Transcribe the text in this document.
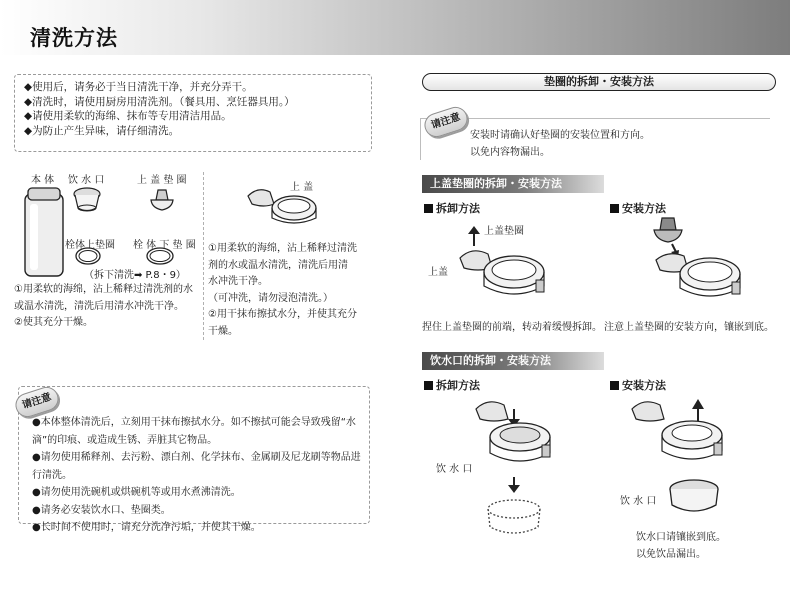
清洗方法
◆使用后，请务必于当日清洗干净，并充分弄干。
◆清洗时，请使用厨房用清洗剂。（餐具用、烹饪器具用。）
◆请使用柔软的海绵、抹布等专用清洁用品。
◆为防止产生异味，请仔细清洗。
本 体 饮 水 口	上 盖 垫 圈
栓体上垫圈 栓 体 下 垫 圈
（拆下清洗➡ P.8・9）
①用柔软的海绵，沾上稀释过清洗剂的水
或温水清洗，清洗后用清水冲洗干净。
②使其充分干燥。
上 盖
①用柔软的海绵，沾上稀释过清洗
剂的水或温水清洗，清洗后用清
水冲洗干净。
（可冲洗，请勿浸泡清洗。）
②用干抹布擦拭水分，并使其充分
干燥。
请注意
●本体整体清洗后，立刻用干抹布擦拭水分。如不擦拭可能会导致残留“水
滴”的印痕、或造成生锈、弄脏其它物品。
●请勿使用稀释剂、去污粉、漂白剂、化学抹布、金属刷及尼龙刷等物品进
行清洗。
●请勿使用洗碗机或烘碗机等或用水煮沸清洗。
●请务必安装饮水口、垫圈类。
●长时间不使用时，请充分洗净污垢，并使其干燥。
垫圈的拆卸・安装方法
请注意
安装时请确认好垫圈的安装位置和方向。
以免内容物漏出。
上盖垫圈的拆卸・安装方法
拆卸方法	安装方法
上盖垫圈
上盖
捏住上盖垫圈的前端，转动着缓慢拆卸。 注意上盖垫圈的安装方向，镶嵌到底。
饮水口的拆卸・安装方法
拆卸方法	安装方法
饮 水 口
饮 水 口
饮水口请镶嵌到底。
以免饮品漏出。
